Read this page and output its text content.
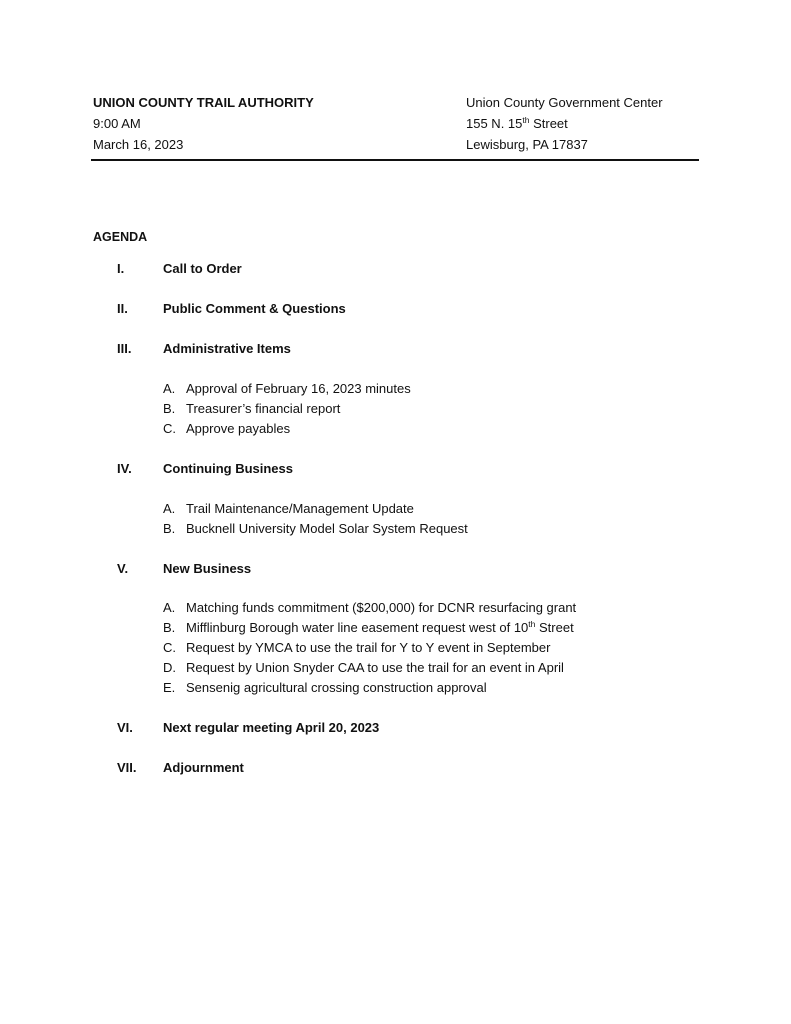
UNION COUNTY TRAIL AUTHORITY
9:00 AM
March 16, 2023
Union County Government Center
155 N. 15th Street
Lewisburg, PA 17837
AGENDA
I.	Call to Order
II.	Public Comment & Questions
III. Administrative Items
A. Approval of February 16, 2023 minutes
B. Treasurer’s financial report
C. Approve payables
IV. Continuing Business
A. Trail Maintenance/Management Update
B. Bucknell University Model Solar System Request
V.	New Business
A. Matching funds commitment ($200,000) for DCNR resurfacing grant
B. Mifflinburg Borough water line easement request west of 10th Street
C. Request by YMCA to use the trail for Y to Y event in September
D. Request by Union Snyder CAA to use the trail for an event in April
E. Sensenig agricultural crossing construction approval
VI. Next regular meeting April 20, 2023
VII. Adjournment
